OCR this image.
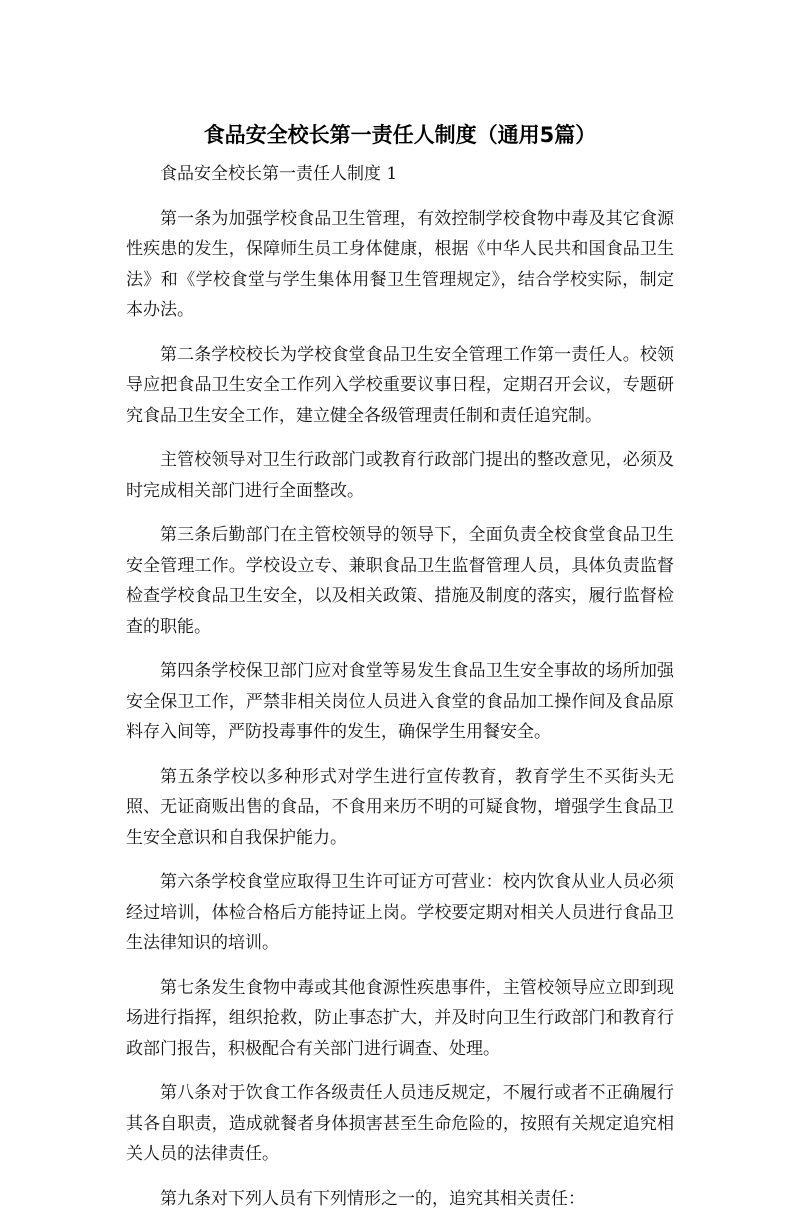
食品安全校长第一责任人制度（通用5篇）

食品安全校长第一责任人制度 1

第一条为加强学校食品卫生管理，有效控制学校食物中毒及其它食源性疾患的发生，保障师生员工身体健康，根据《中华人民共和国食品卫生法》和《学校食堂与学生集体用餐卫生管理规定》，结合学校实际，制定本办法。

第二条学校校长为学校食堂食品卫生安全管理工作第一责任人。校领导应把食品卫生安全工作列入学校重要议事日程，定期召开会议，专题研究食品卫生安全工作，建立健全各级管理责任制和责任追究制。

主管校领导对卫生行政部门或教育行政部门提出的整改意见，必须及时完成相关部门进行全面整改。

第三条后勤部门在主管校领导的领导下，全面负责全校食堂食品卫生安全管理工作。学校设立专、兼职食品卫生监督管理人员，具体负责监督检查学校食品卫生安全，以及相关政策、措施及制度的落实，履行监督检查的职能。

第四条学校保卫部门应对食堂等易发生食品卫生安全事故的场所加强安全保卫工作，严禁非相关岗位人员进入食堂的食品加工操作间及食品原料存入间等，严防投毒事件的发生，确保学生用餐安全。

第五条学校以多种形式对学生进行宣传教育，教育学生不买街头无照、无证商贩出售的食品，不食用来历不明的可疑食物，增强学生食品卫生安全意识和自我保护能力。

第六条学校食堂应取得卫生许可证方可营业：校内饮食从业人员必须经过培训，体检合格后方能持证上岗。学校要定期对相关人员进行食品卫生法律知识的培训。

第七条发生食物中毒或其他食源性疾患事件，主管校领导应立即到现场进行指挥，组织抢救，防止事态扩大，并及时向卫生行政部门和教育行政部门报告，积极配合有关部门进行调查、处理。

第八条对于饮食工作各级责任人员违反规定，不履行或者不正确履行其各自职责，造成就餐者身体损害甚至生命危险的，按照有关规定追究相关人员的法律责任。

第九条对下列人员有下列情形之一的，追究其相关责任：
